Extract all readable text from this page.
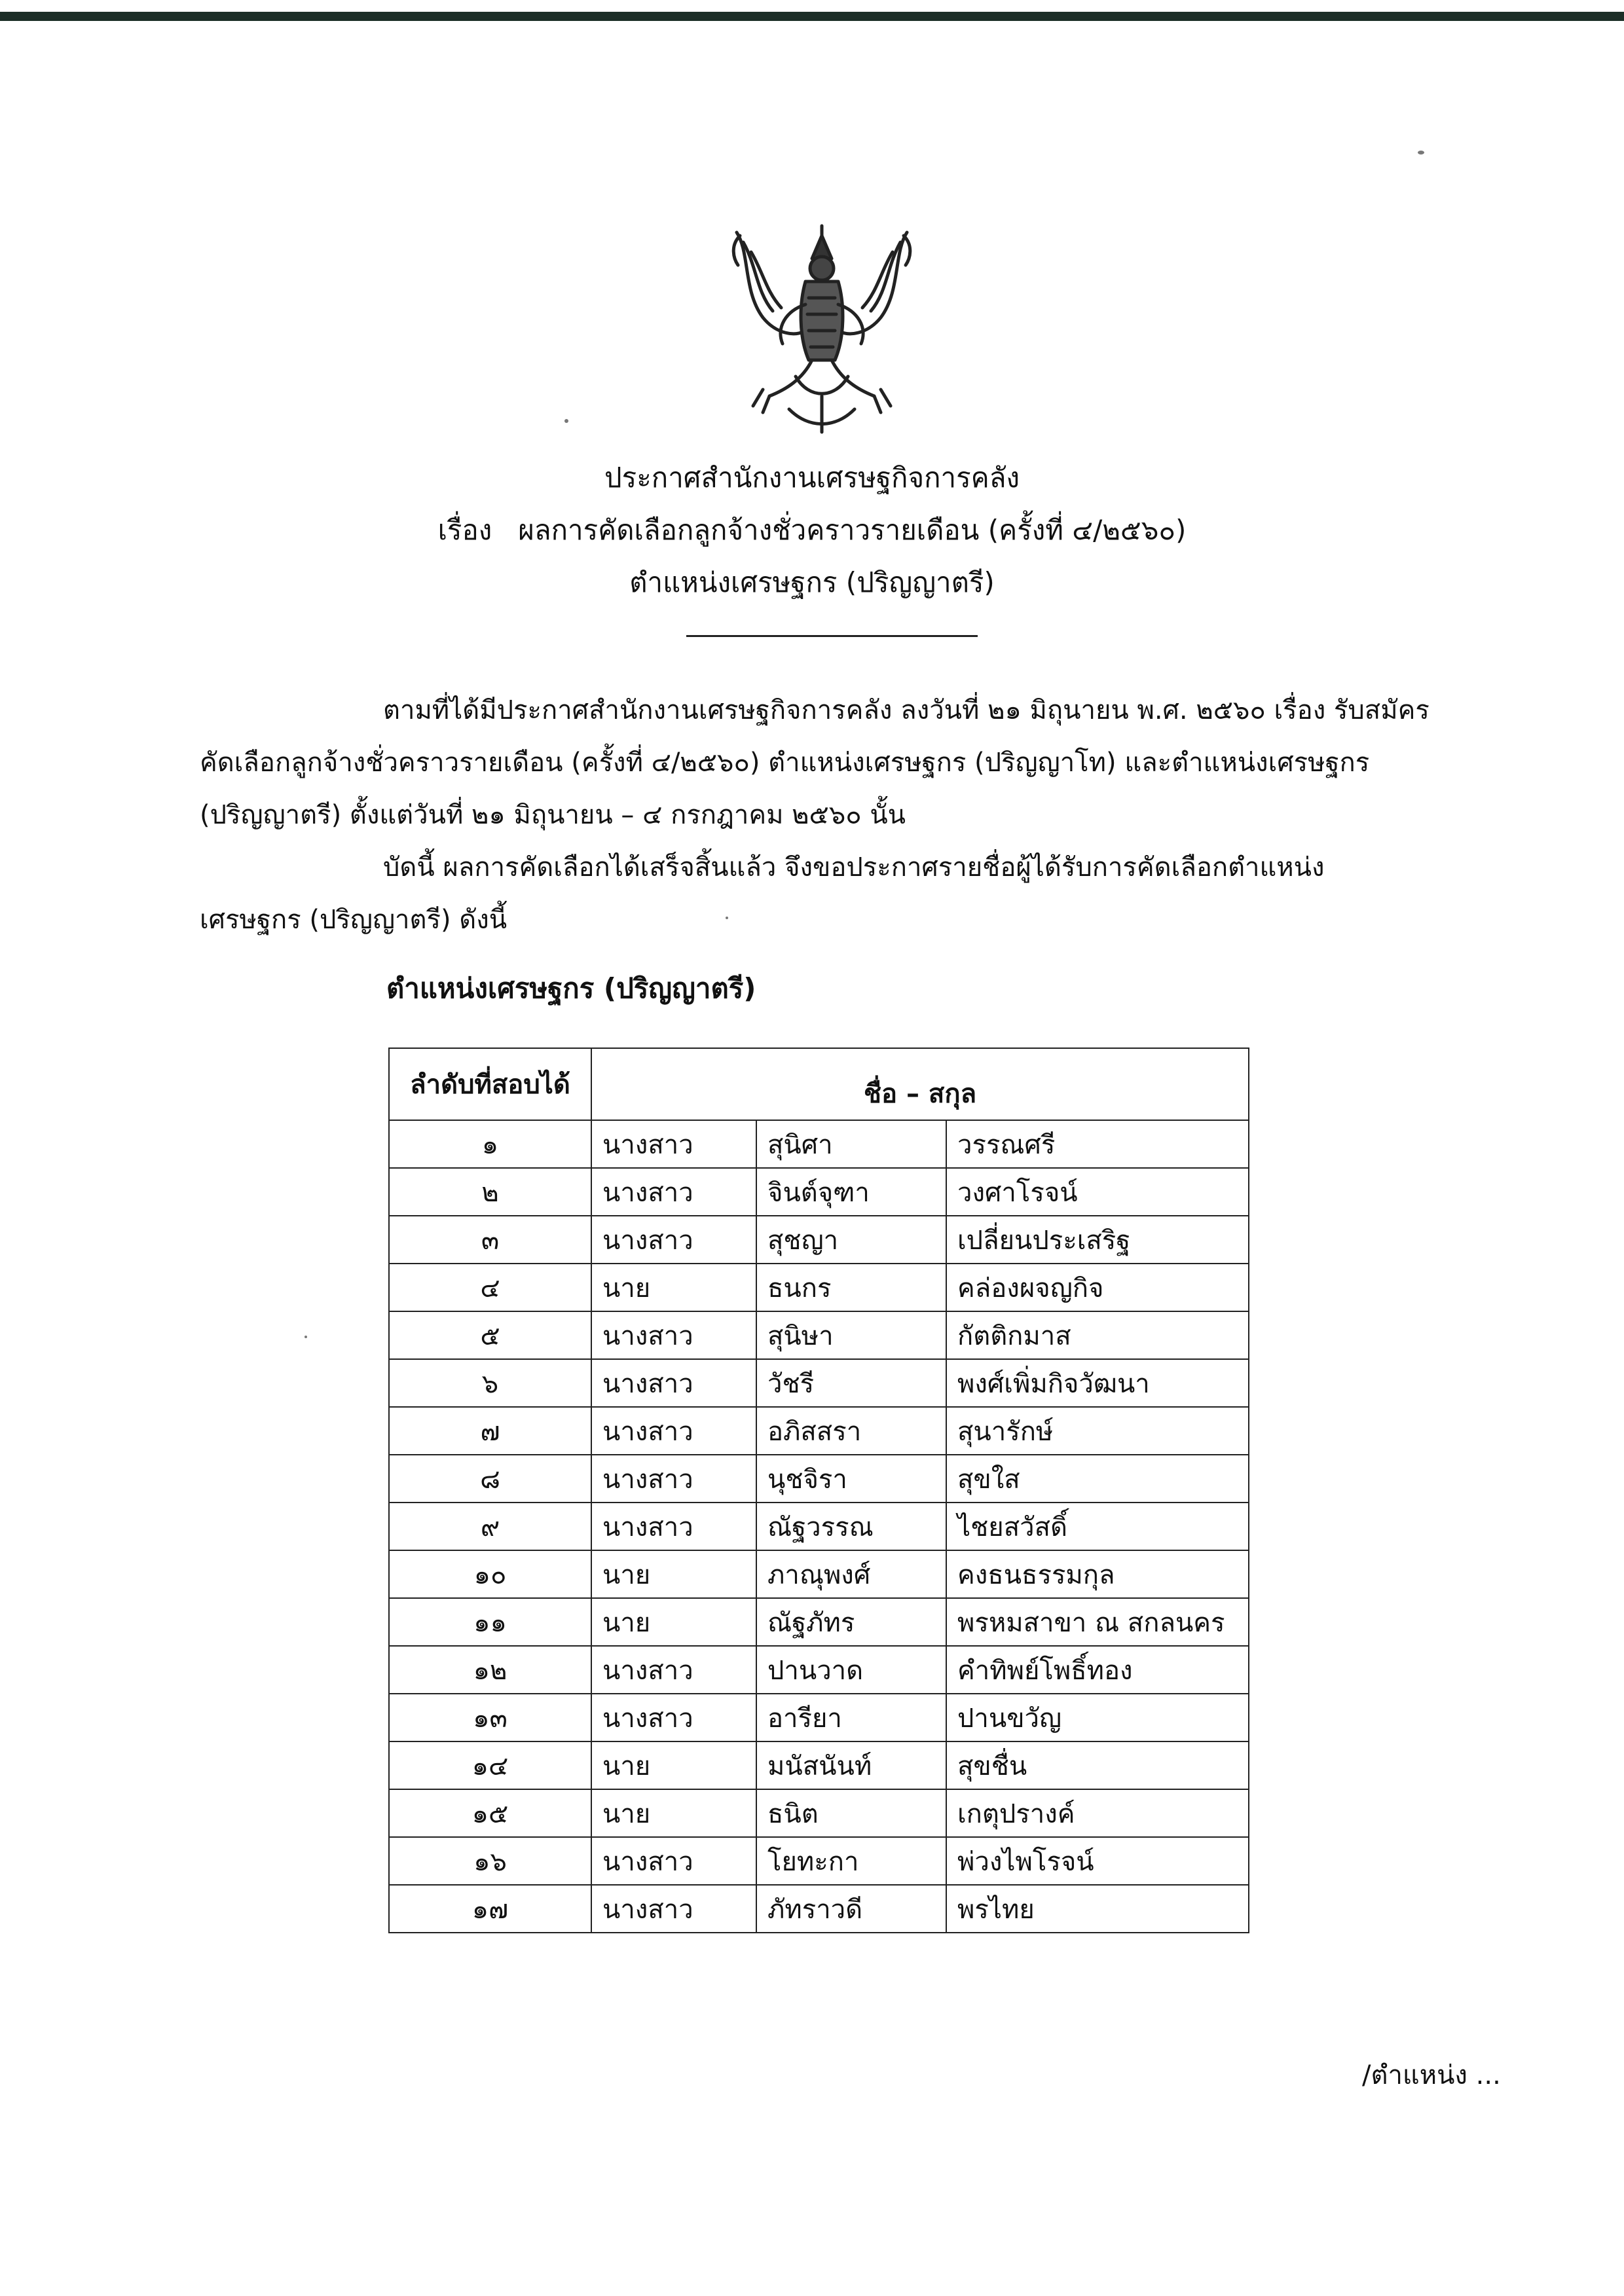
ประกาศสำนักงานเศรษฐกิจการคลัง
เรื่อง ผลการคัดเลือกลูกจ้างชั่วคราวรายเดือน (ครั้งที่ ๔/๒๕๖๐)
ตำแหน่งเศรษฐกร (ปริญญาตรี)
ตามที่ได้มีประกาศสำนักงานเศรษฐกิจการคลัง ลงวันที่ ๒๑ มิถุนายน พ.ศ. ๒๕๖๐ เรื่อง รับสมัคร
คัดเลือกลูกจ้างชั่วคราวรายเดือน (ครั้งที่ ๔/๒๕๖๐) ตำแหน่งเศรษฐกร (ปริญญาโท) และตำแหน่งเศรษฐกร
(ปริญญาตรี) ตั้งแต่วันที่ ๒๑ มิถุนายน – ๔ กรกฎาคม ๒๕๖๐ นั้น
บัดนี้ ผลการคัดเลือกได้เสร็จสิ้นแล้ว จึงขอประกาศรายชื่อผู้ได้รับการคัดเลือกตำแหน่ง
เศรษฐกร (ปริญญาตรี) ดังนี้
ตำแหน่งเศรษฐกร (ปริญญาตรี)
ลำดับที่สอบได้	ชื่อ – สกุล		
๑	นางสาว	สุนิศา	วรรณศรี
๒	นางสาว	จินต์จุฑา	วงศาโรจน์
๓	นางสาว	สุชญา	เปลี่ยนประเสริฐ
๔	นาย	ธนกร	คล่องผจญกิจ
๕	นางสาว	สุนิษา	กัตติกมาส
๖	นางสาว	วัชรี	พงศ์เพิ่มกิจวัฒนา
๗	นางสาว	อภิสสรา	สุนารักษ์
๘	นางสาว	นุชจิรา	สุขใส
๙	นางสาว	ณัฐวรรณ	ไชยสวัสดิ์
๑๐	นาย	ภาณุพงศ์	คงธนธรรมกุล
๑๑	นาย	ณัฐภัทร	พรหมสาขา ณ สกลนคร
๑๒	นางสาว	ปานวาด	คำทิพย์โพธิ์ทอง
๑๓	นางสาว	อารียา	ปานขวัญ
๑๔	นาย	มนัสนันท์	สุขชื่น
๑๕	นาย	ธนิต	เกตุปรางค์
๑๖	นางสาว	โยทะกา	พ่วงไพโรจน์
๑๗	นางสาว	ภัทราวดี	พรไทย
/ตำแหน่ง ...
